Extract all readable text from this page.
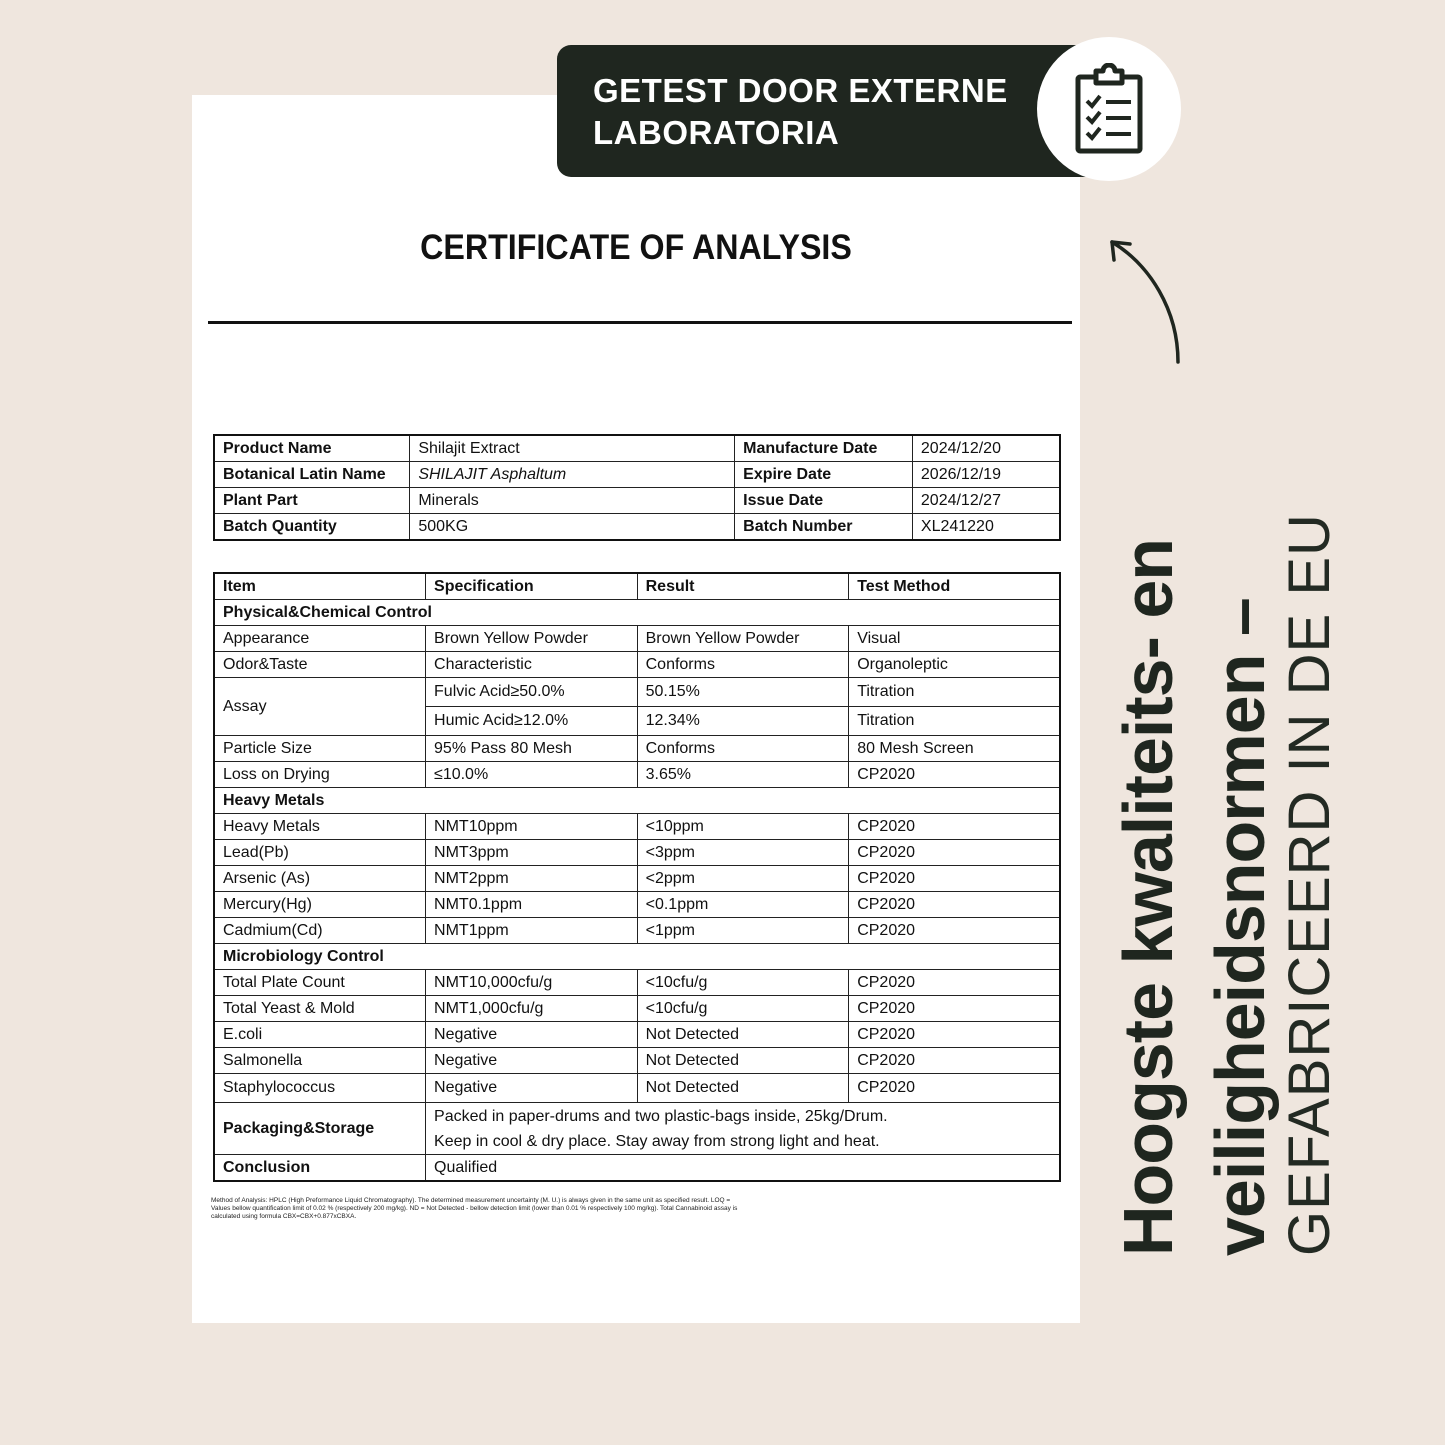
GETEST DOOR EXTERNE
LABORATORIA

CERTIFICATE OF ANALYSIS
Product Name	Shilajit Extract	Manufacture Date	2024/12/20
Botanical Latin Name	SHILAJIT Asphaltum	Expire Date	2026/12/19
Plant Part	Minerals	Issue Date	2024/12/27
Batch Quantity	500KG	Batch Number	XL241220
Item	Specification	Result	Test Method
Physical&Chemical Control			
Appearance	Brown Yellow Powder	Brown Yellow Powder	Visual
Odor&Taste	Characteristic	Conforms	Organoleptic
Assay	Fulvic Acid≥50.0%	50.15%	Titration
	Humic Acid≥12.0%	12.34%	Titration
Particle Size	95% Pass 80 Mesh	Conforms	80 Mesh Screen
Loss on Drying	≤10.0%	3.65%	CP2020
Heavy Metals			
Heavy Metals	NMT10ppm	<10ppm	CP2020
Lead(Pb)	NMT3ppm	<3ppm	CP2020
Arsenic (As)	NMT2ppm	<2ppm	CP2020
Mercury(Hg)	NMT0.1ppm	<0.1ppm	CP2020
Cadmium(Cd)	NMT1ppm	<1ppm	CP2020
Microbiology Control			
Total Plate Count	NMT10,000cfu/g	<10cfu/g	CP2020
Total Yeast & Mold	NMT1,000cfu/g	<10cfu/g	CP2020
E.coli	Negative	Not Detected	CP2020
Salmonella	Negative	Not Detected	CP2020
Staphylococcus	Negative	Not Detected	CP2020
Packaging&Storage	Packed in paper-drums and two plastic-bags inside, 25kg/Drum.
Keep in cool & dry place. Stay away from strong light and heat.		

Conclusion	Qualified		

Method of Analysis: HPLC (High Preformance Liquid Chromatography). The determined measurement uncertainty (M. U.) is always given in the same unit as specified result. LOQ = Values bellow quantification limit of 0.02 % (respectively 200 mg/kg). ND = Not Detected - bellow detection limit (lower than 0.01 % respectively 100 mg/kg). Total Cannabinoid assay is calculated using formula CBX=CBX+0.877xCBXA.	Hoogste kwaliteits- en veiligheidsnormen –
GEFABRICEERD IN DE EU
